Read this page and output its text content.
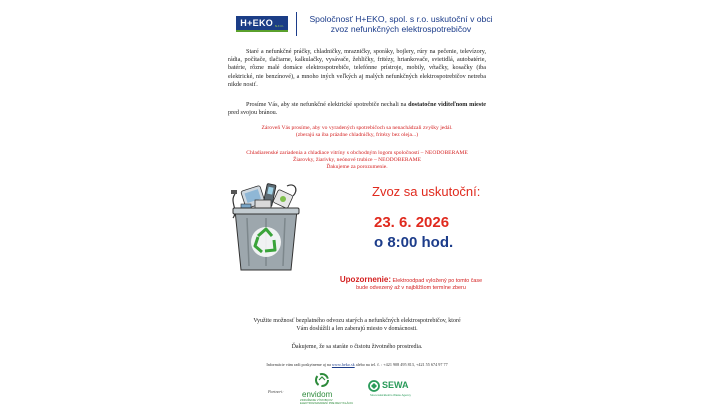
H+EKO s.r.o.
Spoločnosť H+EKO, spol. s r.o. uskutoční v obci
zvoz nefunkčných elektrospotrebičov
Staré a nefunkčné práčky, chladničky, mrazničky, sporáky, bojlery, rúry na pečenie, televízory, rádia, počítače, tlačiarne, kalkulačky, vysávače, žehličky, fritézy, hriankovače, svietidlá, autobatérie, batérie, rôzne malé domáce elektrospotrebiče, telefónne prístroje, mobily, vŕtačky, kosačky (iba elektrické, nie benzínové), a mnoho iných veľkých aj malých nefunkčných elektrospotrebičov netreba nikde nosiť.
Prosíme Vás, aby ste nefunkčné elektrické spotrebiče nechali na dostatočne viditeľnom mieste pred svojou bránou.
Zároveň Vás prosíme, aby vo vyradených spotrebičoch sa nenachádzali zvyšky jedál.
(zberajú sa iba prázdne chladničky, fritézy bez oleja...)
Chladiarenské zariadenia a chladiace vitríny s obchodným logom spoločností – NEODOBERAME
Žiarovky, žiarivky, neónové trubice – NEODOBERAME
Ďakujeme za porozumenie.
Zvoz sa uskutoční:
23. 6. 2026
o 8:00 hod.
Upozornenie: Elektroodpad vyložený po tomto čase
bude odvezený až v najbližšom termíne zberu
Využite možnosť bezplatného odvozu starých a nefunkčných elektrospotrebičov, ktoré
Vám doslúžili a len zaberajú miesto v domácnosti.
Ďakujeme, že sa staráte o čistotu životného prostredia.
Informácie vám radi poskytneme aj na www.heko.sk alebo na tel. č. : +421 908 495 813, +421 55 674 97 77
Partneri: envidom
ZDRUŽENIE VÝROBCOV ELEKTROZARIADENÍ PRE RECYKLÁCIU
SEWA
Slovenská Elektro Waste Agency
